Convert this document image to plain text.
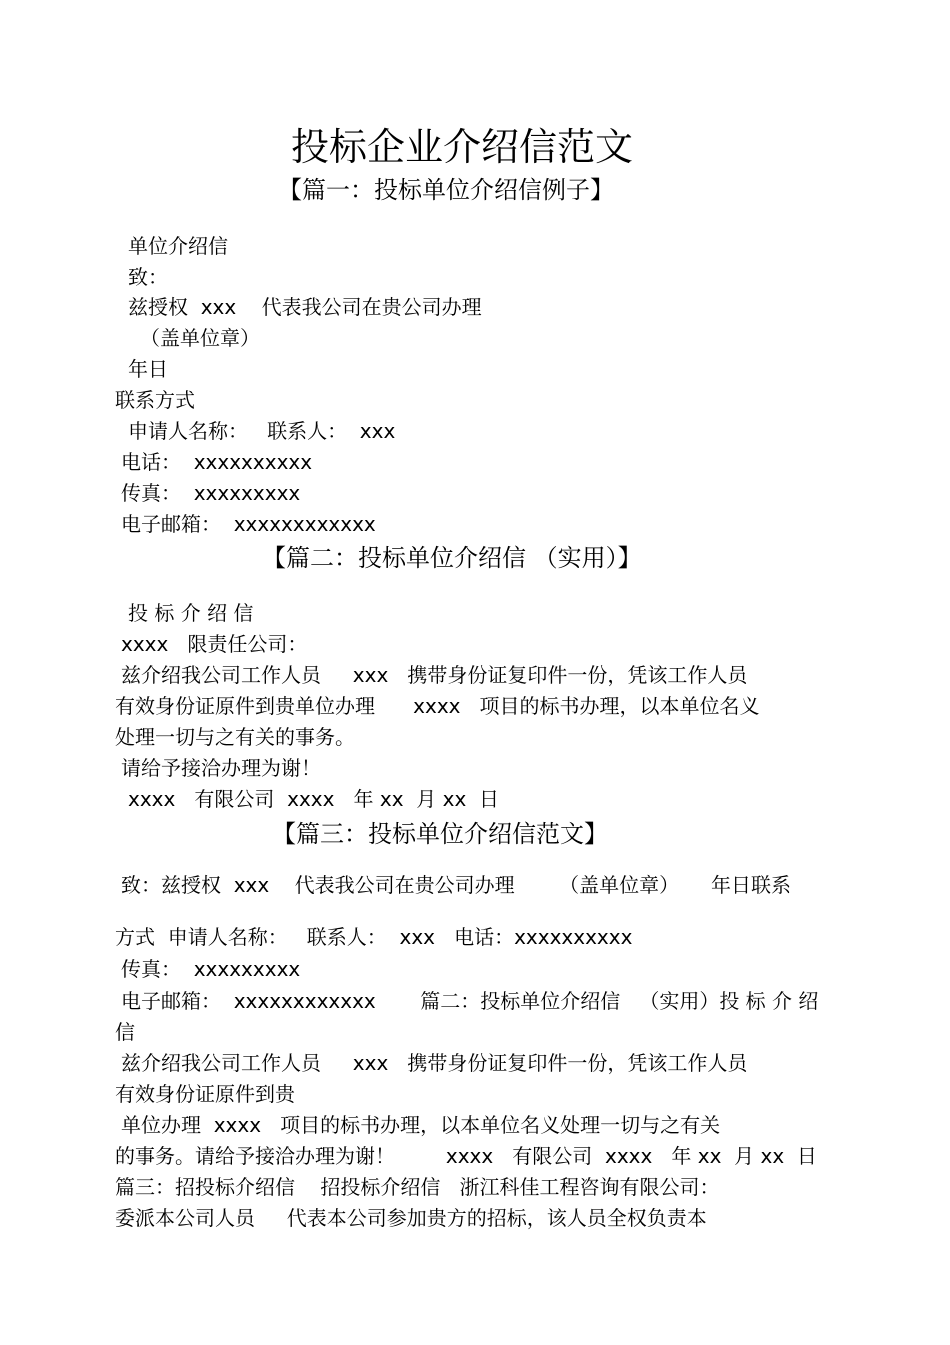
投标企业介绍信范文
【篇一：投标单位介绍信例子】
单位介绍信
致：
兹授权  xxx    代表我公司在贵公司办理
（盖单位章）
年日
联系方式
申请人名称：   联系人：  xxx
电话：  xxxxxxxxxx
传真：  xxxxxxxxx
电子邮箱：  xxxxxxxxxxxx
【篇二：投标单位介绍信 （实用）】
投 标 介 绍 信
xxxx   限责任公司：
兹介绍我公司工作人员     xxx   携带身份证复印件一份，凭该工作人员
有效身份证原件到贵单位办理      xxxx   项目的标书办理，以本单位名义
处理一切与之有关的事务。
请给予接洽办理为谢！
xxxx   有限公司  xxxx   年 xx  月 xx  日
【篇三：投标单位介绍信范文】
致：兹授权  xxx    代表我公司在贵公司办理       （盖单位章）     年日联系
方式  申请人名称：   联系人：  xxx   电话：xxxxxxxxxx
传真：  xxxxxxxxx
电子邮箱：  xxxxxxxxxxxx       篇二：投标单位介绍信   （实用）投 标 介 绍
信
兹介绍我公司工作人员     xxx   携带身份证复印件一份，凭该工作人员
有效身份证原件到贵
单位办理  xxxx   项目的标书办理，以本单位名义处理一切与之有关
的事务。请给予接洽办理为谢！        xxxx   有限公司  xxxx   年 xx  月 xx  日
篇三：招投标介绍信    招投标介绍信   浙江科佳工程咨询有限公司：
委派本公司人员     代表本公司参加贵方的招标，该人员全权负责本
